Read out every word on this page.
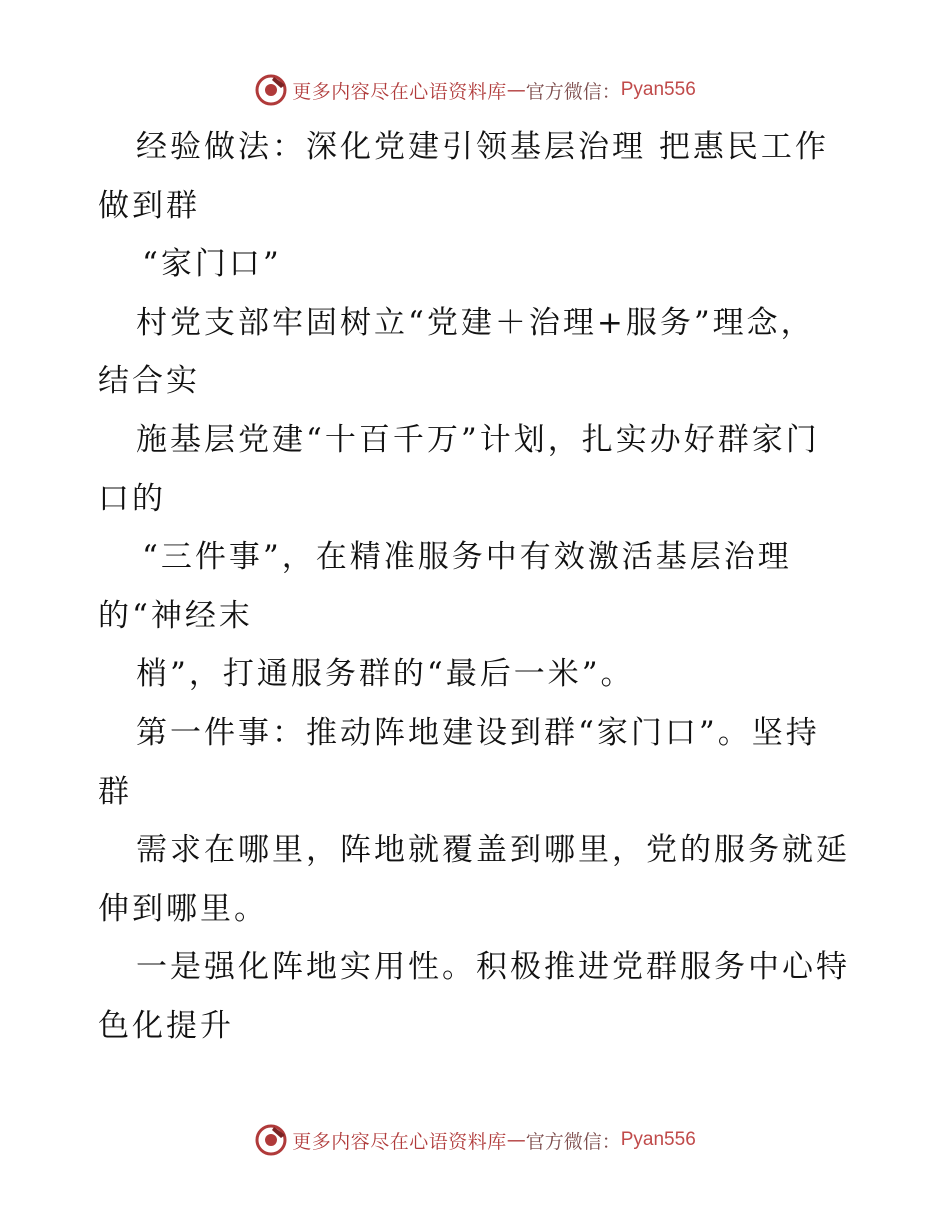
更多内容尽在心语资料库 — 官方微信： Pyan556
经验做法：深化党建引领基层治理 把惠民工作
做到群
“家门口”
村党支部牢固树立“党建＋治理+服务”理念，
结合实
施基层党建“十百千万”计划，扎实办好群家门
口的
“三件事”，在精准服务中有效激活基层治理
的“神经末
梢”，打通服务群的“最后一米”。
第一件事：推动阵地建设到群“家门口”。坚持
群
需求在哪里，阵地就覆盖到哪里，党的服务就延
伸到哪里。
一是强化阵地实用性。积极推进党群服务中心特
色化提升
更多内容尽在心语资料库 — 官方微信： Pyan556
